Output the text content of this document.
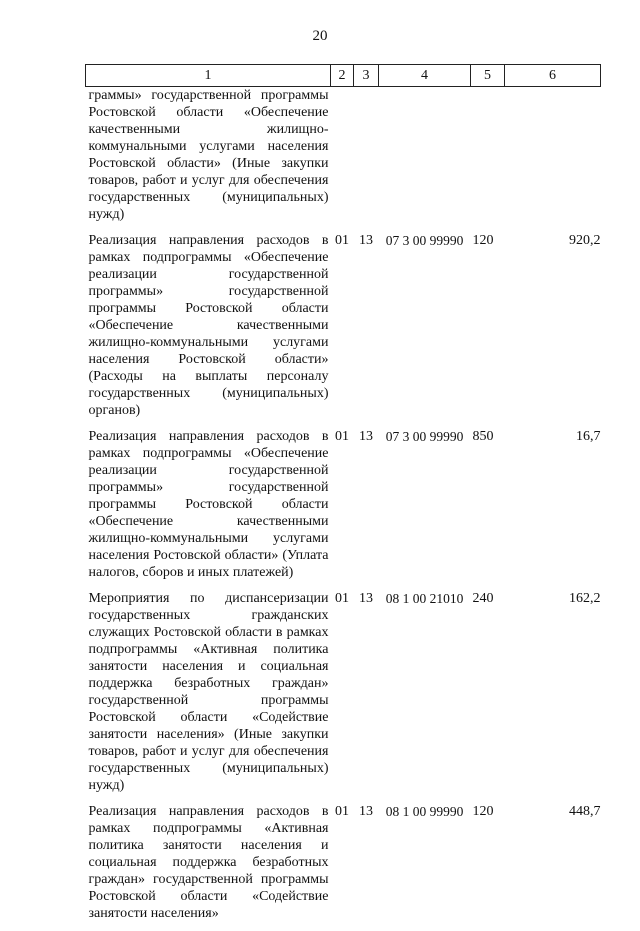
20
1	2	3	4	5	6
граммы» государственной программы Ростовской области «Обеспечение качественными жилищно-коммунальными услугами населения Ростовской области» (Иные закупки товаров, работ и услуг для обеспечения государственных (муниципальных) нужд)					
Реализация направления расходов в рамках подпрограммы «Обеспечение реализации государственной программы» государственной программы Ростовской области «Обеспечение качественными жилищно-коммунальными услугами населения Ростовской области» (Расходы на выплаты персоналу государственных (муниципальных) органов)	01	13	07 3 00 99990	120	920,2
Реализация направления расходов в рамках подпрограммы «Обеспечение реализации государственной программы» государственной программы Ростовской области «Обеспечение качественными жилищно-коммунальными услугами населения Ростовской области» (Уплата налогов, сборов и иных платежей)	01	13	07 3 00 99990	850	16,7
Мероприятия по диспансеризации государственных гражданских служащих Ростовской области в рамках подпрограммы «Активная политика занятости населения и социальная поддержка безработных граждан» государственной программы Ростовской области «Содействие занятости населения» (Иные закупки товаров, работ и услуг для обеспечения государственных (муниципальных) нужд)	01	13	08 1 00 21010	240	162,2
Реализация направления расходов в рамках подпрограммы «Активная политика занятости населения и социальная поддержка безработных граждан» государственной программы Ростовской области «Содействие занятости населения»	01	13	08 1 00 99990	120	448,7
